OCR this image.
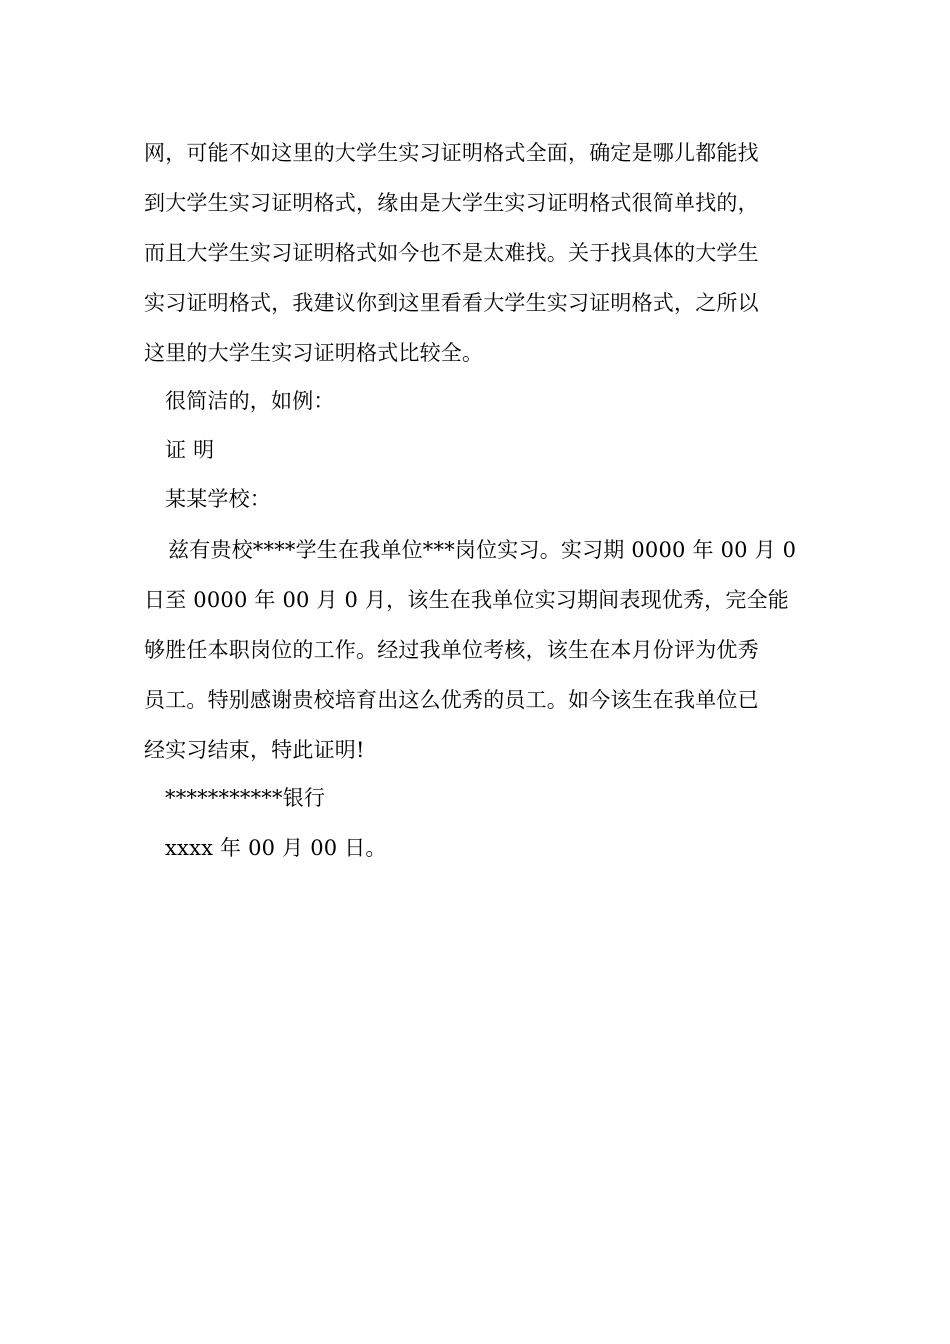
网，可能不如这里的大学生实习证明格式全面，确定是哪儿都能找
到大学生实习证明格式，缘由是大学生实习证明格式很简单找的，
而且大学生实习证明格式如今也不是太难找。关于找具体的大学生
实习证明格式，我建议你到这里看看大学生实习证明格式，之所以
这里的大学生实习证明格式比较全。
很简洁的，如例：
证 明
某某学校：
兹有贵校****学生在我单位***岗位实习。实习期 0000 年 00 月 0
日至 0000 年 00 月 0 月，该生在我单位实习期间表现优秀，完全能
够胜任本职岗位的工作。经过我单位考核，该生在本月份评为优秀
员工。特别感谢贵校培育出这么优秀的员工。如今该生在我单位已
经实习结束，特此证明!
***********银行
xxxx 年 00 月 00 日。
